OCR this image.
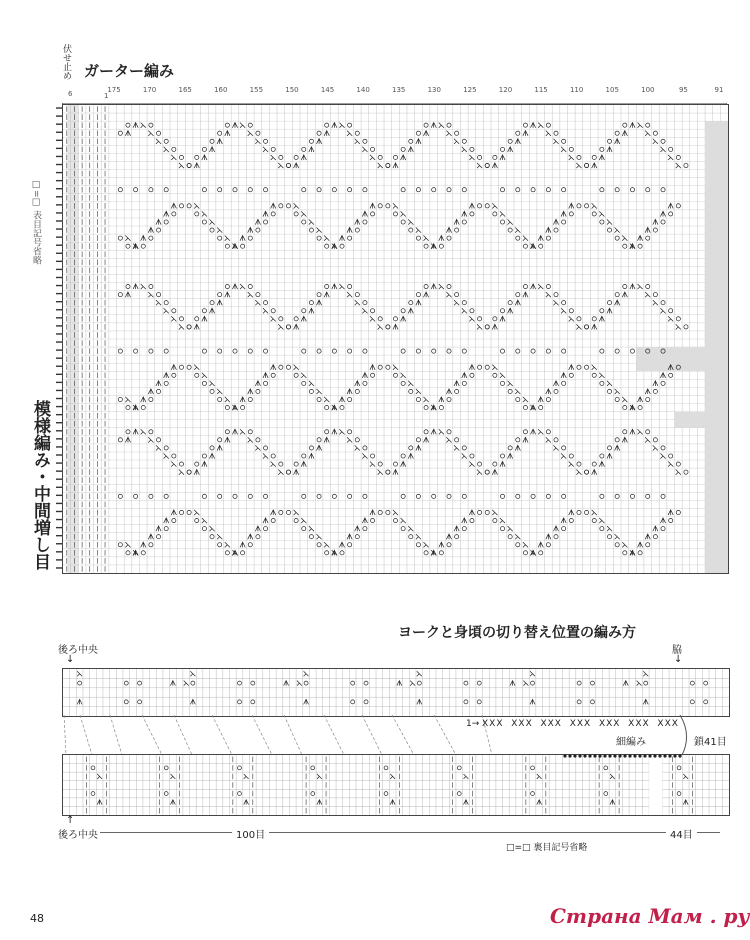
模様編み・中間増し目
□=□ 表目記号省略
伏せ止め ガーター編み
6	1
175	170	165	160	155	150	145	140	135	130	125	120	115	110	105	100	95	91
ヨークと身頃の切り替え位置の編み方
後ろ中央
↓
脇
↓
1→ XXX XXX XXX XXX XXX XXX XXX
細編み	鎖41目
↑
後ろ中央	100目	44目
□=□ 裏目記号省略
48	Страна Мам . ру
